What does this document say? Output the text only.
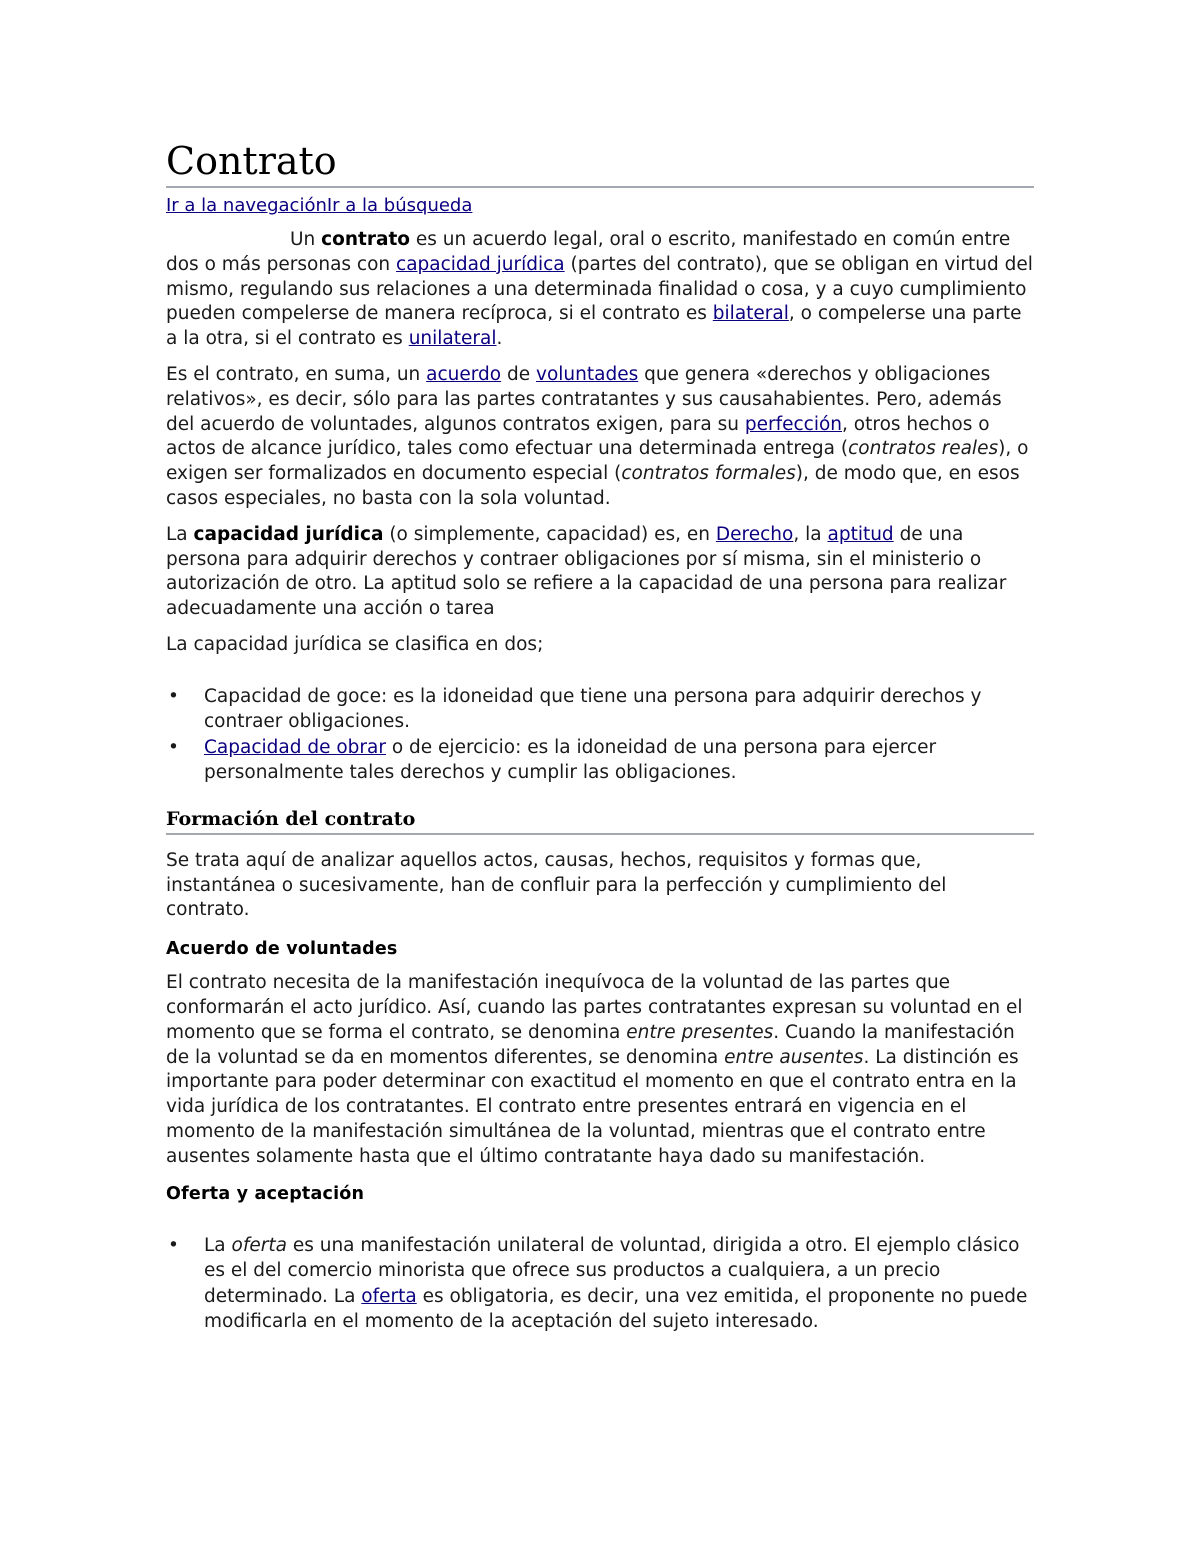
Contrato
Ir a la navegaciónIr a la búsqueda

Un contrato es un acuerdo legal, oral o escrito, manifestado en común entre dos o más personas con capacidad jurídica (partes del contrato), que se obligan en virtud del mismo, regulando sus relaciones a una determinada finalidad o cosa, y a cuyo cumplimiento pueden compelerse de manera recíproca, si el contrato es bilateral, o compelerse una parte a la otra, si el contrato es unilateral.

Es el contrato, en suma, un acuerdo de voluntades que genera «derechos y obligaciones relativos», es decir, sólo para las partes contratantes y sus causahabientes. Pero, además del acuerdo de voluntades, algunos contratos exigen, para su perfección, otros hechos o actos de alcance jurídico, tales como efectuar una determinada entrega (contratos reales), o exigen ser formalizados en documento especial (contratos formales), de modo que, en esos casos especiales, no basta con la sola voluntad.

La capacidad jurídica (o simplemente, capacidad) es, en Derecho, la aptitud de una persona para adquirir derechos y contraer obligaciones por sí misma, sin el ministerio o autorización de otro. La aptitud solo se refiere a la capacidad de una persona para realizar adecuadamente una acción o tarea

La capacidad jurídica se clasifica en dos;

• Capacidad de goce: es la idoneidad que tiene una persona para adquirir derechos y contraer obligaciones.
• Capacidad de obrar o de ejercicio: es la idoneidad de una persona para ejercer personalmente tales derechos y cumplir las obligaciones.
Formación del contrato

Se trata aquí de analizar aquellos actos, causas, hechos, requisitos y formas que, instantánea o sucesivamente, han de confluir para la perfección y cumplimiento del contrato.

Acuerdo de voluntades

El contrato necesita de la manifestación inequívoca de la voluntad de las partes que conformarán el acto jurídico. Así, cuando las partes contratantes expresan su voluntad en el momento que se forma el contrato, se denomina entre presentes. Cuando la manifestación de la voluntad se da en momentos diferentes, se denomina entre ausentes. La distinción es importante para poder determinar con exactitud el momento en que el contrato entra en la vida jurídica de los contratantes. El contrato entre presentes entrará en vigencia en el momento de la manifestación simultánea de la voluntad, mientras que el contrato entre ausentes solamente hasta que el último contratante haya dado su manifestación.

Oferta y aceptación
• La oferta es una manifestación unilateral de voluntad, dirigida a otro. El ejemplo clásico es el del comercio minorista que ofrece sus productos a cualquiera, a un precio determinado. La oferta es obligatoria, es decir, una vez emitida, el proponente no puede modificarla en el momento de la aceptación del sujeto interesado.
